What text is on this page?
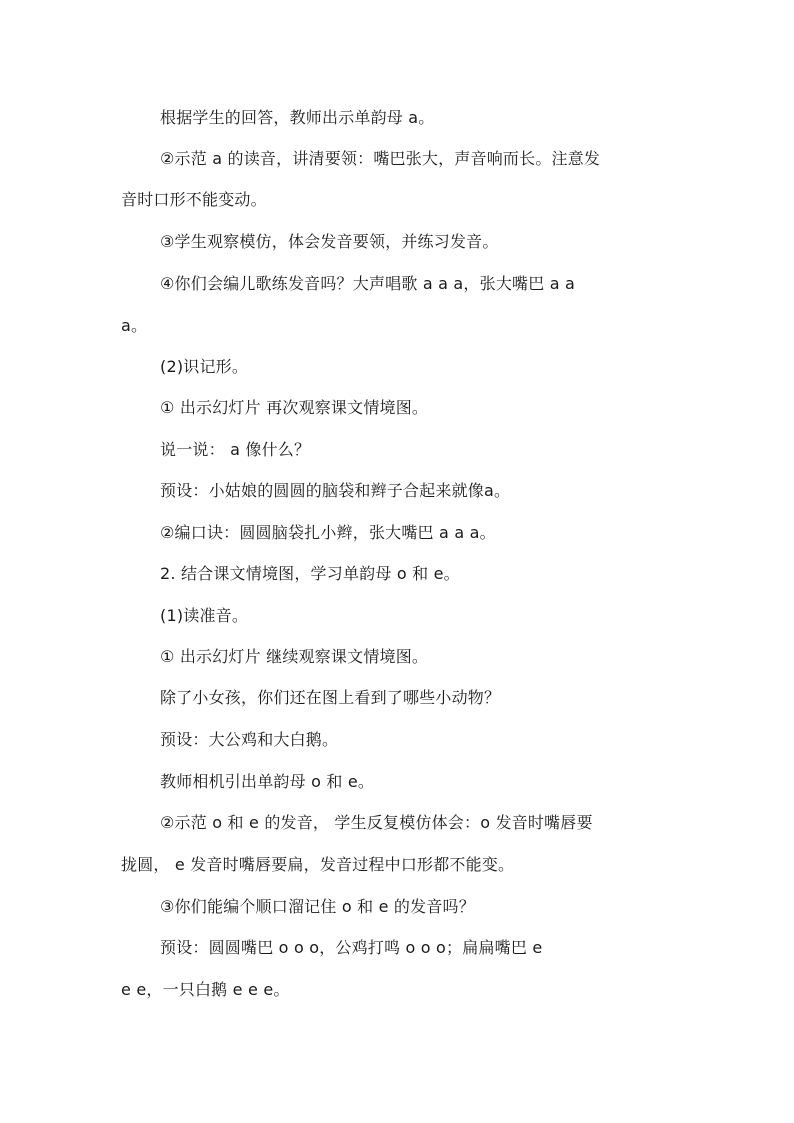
根据学生的回答，教师出示单韵母 a。
②示范 a 的读音，讲清要领：嘴巴张大，声音响而长。注意发
音时口形不能变动。
③学生观察模仿，体会发音要领，并练习发音。
④你们会编儿歌练发音吗？大声唱歌 a a a，张大嘴巴 a a
a。
(2)识记形。
① 出示幻灯片 再次观察课文情境图。
说一说： a 像什么？
预设：小姑娘的圆圆的脑袋和辫子合起来就像a。
②编口诀：圆圆脑袋扎小辫，张大嘴巴 a a a。
2. 结合课文情境图，学习单韵母 o 和 e。
(1)读准音。
① 出示幻灯片 继续观察课文情境图。
除了小女孩，你们还在图上看到了哪些小动物？
预设：大公鸡和大白鹅。
教师相机引出单韵母 o 和 e。
②示范 o 和 e 的发音， 学生反复模仿体会：o 发音时嘴唇要
拢圆， e 发音时嘴唇要扁，发音过程中口形都不能变。
③你们能编个顺口溜记住 o 和 e 的发音吗？
预设：圆圆嘴巴 o o o，公鸡打鸣 o o o；扁扁嘴巴 e
e e，一只白鹅 e e e。
